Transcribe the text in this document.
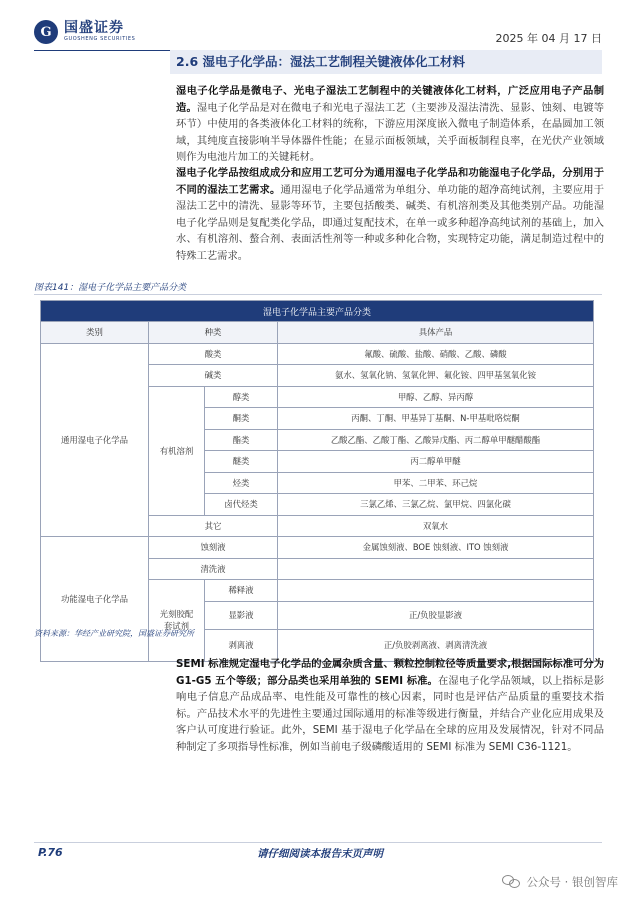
G 国盛证券
GUOSHENG SECURITIES	2025 年 04 月 17 日
2.6 湿电子化学品：湿法工艺制程关键液体化工材料

湿电子化学品是微电子、光电子湿法工艺制程中的关键液体化工材料，广泛应用电子产品制造。湿电子化学品是对在微电子和光电子湿法工艺（主要涉及湿法清洗、显影、蚀刻、电镀等环节）中使用的各类液体化工材料的统称，下游应用深度嵌入微电子制造体系，在晶圆加工领域，其纯度直接影响半导体器件性能；在显示面板领域，关乎面板制程良率，在光伏产业领域则作为电池片加工的关键耗材。

湿电子化学品按组成成分和应用工艺可分为通用湿电子化学品和功能湿电子化学品，分别用于不同的湿法工艺需求。通用湿电子化学品通常为单组分、单功能的超净高纯试剂，主要应用于湿法工艺中的清洗、显影等环节，主要包括酸类、碱类、有机溶剂类及其他类别产品。功能湿电子化学品则是复配类化学品，即通过复配技术，在单一或多种超净高纯试剂的基础上，加入水、有机溶剂、螯合剂、表面活性剂等一种或多种化合物，实现特定功能，满足制造过程中的特殊工艺需求。

图表141：湿电子化学品主要产品分类
湿电子化学品主要产品分类			
类别	种类		具体产品
通用湿电子化学品	酸类		氟酸、硫酸、盐酸、硝酸、乙酸、磷酸
	碱类		氨水、氢氧化钠、氢氧化钾、氟化铵、四甲基氢氧化铵
	有机溶剂	醇类	甲醇、乙醇、异丙醇
		酮类	丙酮、丁酮、甲基异丁基酮、N-甲基吡咯烷酮
		酯类	乙酸乙酯、乙酸丁酯、乙酸异戊酯、丙二醇单甲醚醋酸酯
		醚类	丙二醇单甲醚
		烃类	甲苯、二甲苯、环己烷
		卤代烃类	三氯乙烯、三氯乙烷、氯甲烷、四氯化碳
	其它		双氧水
功能湿电子化学品	蚀刻液		金属蚀刻液、BOE 蚀刻液、ITO 蚀刻液
	清洗液		
	光刻胶配套试剂	稀释液	
		显影液	正/负胶显影液
		剥离液	正/负胶剥离液、剥离清洗液
资料来源：华经产业研究院，国盛证券研究所

SEMI 标准规定湿电子化学品的金属杂质含量、颗粒控制粒径等质量要求,根据国际标准可分为 G1-G5 五个等级；部分品类也采用单独的 SEMI 标准。在湿电子化学品领域，以上指标是影响电子信息产品成品率、电性能及可靠性的核心因素，同时也是评估产品质量的重要技术指标。产品技术水平的先进性主要通过国际通用的标准等级进行衡量，并结合产业化应用成果及客户认可度进行验证。此外，SEMI 基于湿电子化学品在全球的应用及发展情况，针对不同品种制定了多项指导性标准，例如当前电子级磷酸适用的 SEMI 标准为 SEMI C36-1121。

P.76	请仔细阅读本报告末页声明
公众号 · 银创智库
